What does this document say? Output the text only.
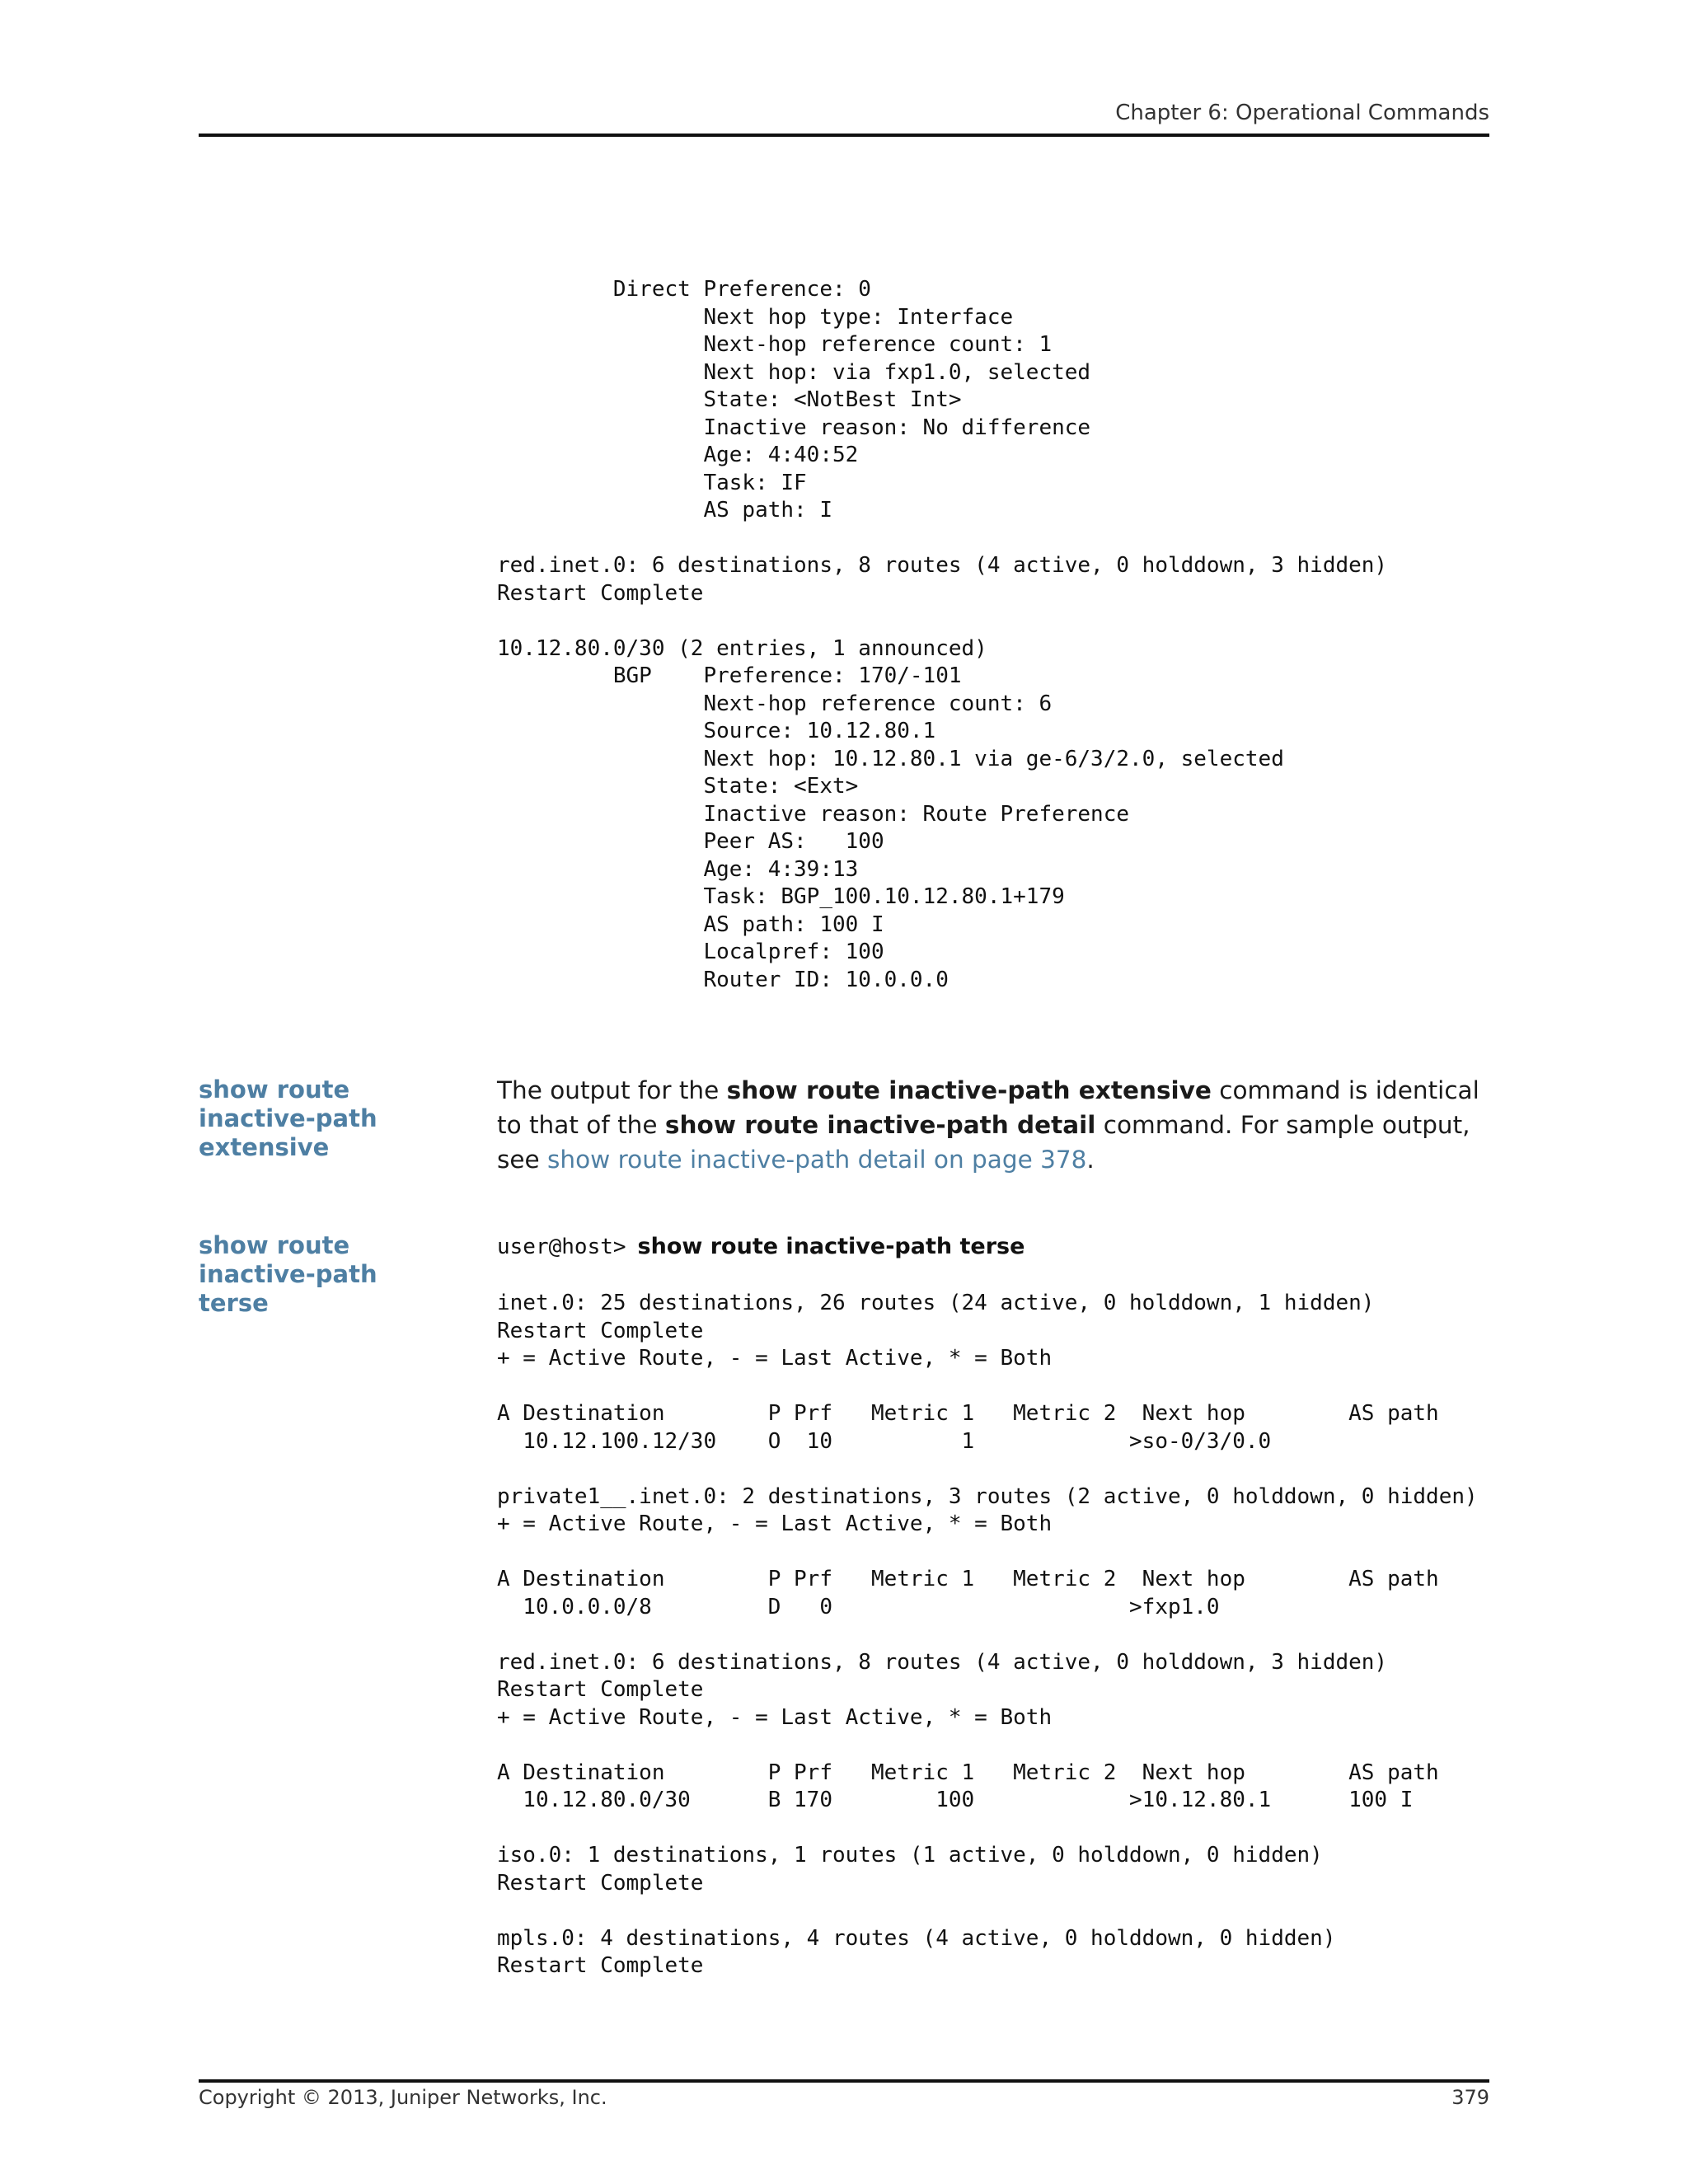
Chapter 6: Operational Commands
Direct Preference: 0
Next hop type: Interface
Next-hop reference count: 1
Next hop: via fxp1.0, selected
State: <NotBest Int>
Inactive reason: No difference
Age: 4:40:52
Task: IF
AS path: I

red.inet.0: 6 destinations, 8 routes (4 active, 0 holddown, 3 hidden)
Restart Complete

10.12.80.0/30 (2 entries, 1 announced)
BGP    Preference: 170/-101
Next-hop reference count: 6
Source: 10.12.80.1
Next hop: 10.12.80.1 via ge-6/3/2.0, selected
State: <Ext>
Inactive reason: Route Preference
Peer AS:   100
Age: 4:39:13
Task: BGP_100.10.12.80.1+179
AS path: 100 I
Localpref: 100
Router ID: 10.0.0.0
show route inactive-path extensive

The output for the show route inactive-path extensive command is identical to that of the show route inactive-path detail command. For sample output, see show route inactive-path detail on page 378.

show route inactive-path terse
user@host> show route inactive-path terse
inet.0: 25 destinations, 26 routes (24 active, 0 holddown, 1 hidden)
Restart Complete
+ = Active Route, - = Last Active, * = Both

A Destination        P Prf   Metric 1   Metric 2  Next hop        AS path
10.12.100.12/30    O  10          1            >so-0/3/0.0

private1__.inet.0: 2 destinations, 3 routes (2 active, 0 holddown, 0 hidden)
+ = Active Route, - = Last Active, * = Both

A Destination        P Prf   Metric 1   Metric 2  Next hop        AS path
10.0.0.0/8         D   0                       >fxp1.0

red.inet.0: 6 destinations, 8 routes (4 active, 0 holddown, 3 hidden)
Restart Complete
+ = Active Route, - = Last Active, * = Both

A Destination        P Prf   Metric 1   Metric 2  Next hop        AS path
10.12.80.0/30      B 170        100            >10.12.80.1      100 I

iso.0: 1 destinations, 1 routes (1 active, 0 holddown, 0 hidden)
Restart Complete

mpls.0: 4 destinations, 4 routes (4 active, 0 holddown, 0 hidden)
Restart Complete
Copyright © 2013, Juniper Networks, Inc.	379
